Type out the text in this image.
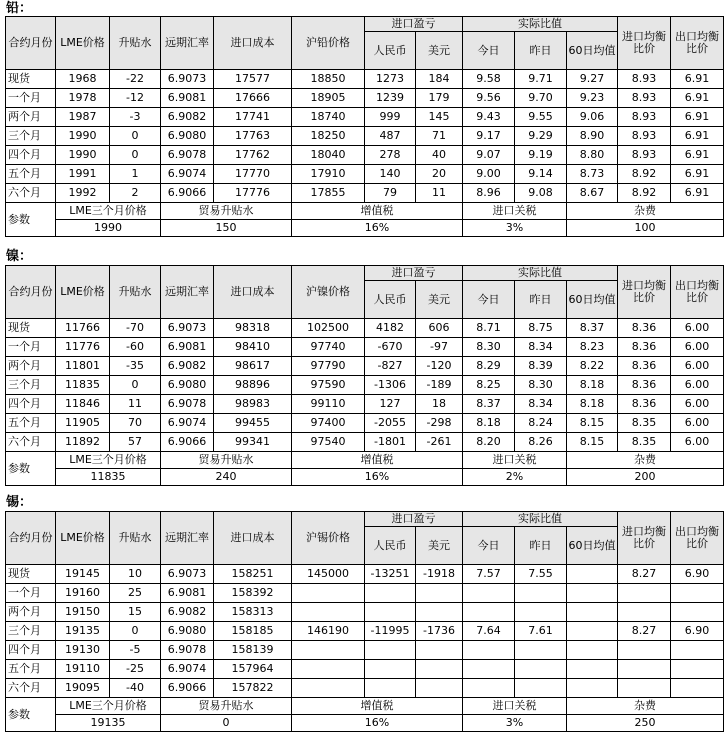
铅：
合约月份	LME价格	升贴水	远期汇率	进口成本	沪铅价格	进口盈亏		实际比值			进口均衡比价	出口均衡比价
						人民币	美元	今日	昨日	60日均值		
现货	1968	-22	6.9073	17577	18850	1273	184	9.58	9.71	9.27	8.93	6.91
一个月	1978	-12	6.9081	17666	18905	1239	179	9.56	9.70	9.23	8.93	6.91
两个月	1987	-3	6.9082	17741	18740	999	145	9.43	9.55	9.06	8.93	6.91
三个月	1990	0	6.9080	17763	18250	487	71	9.17	9.29	8.90	8.93	6.91
四个月	1990	0	6.9078	17762	18040	278	40	9.07	9.19	8.80	8.93	6.91
五个月	1991	1	6.9074	17770	17910	140	20	9.00	9.14	8.73	8.92	6.91
六个月	1992	2	6.9066	17776	17855	79	11	8.96	9.08	8.67	8.92	6.91
参数	LME三个月价格		贸易升贴水		增值税			进口关税		杂费		
	1990		150		16%			3%		100		
镍：
合约月份	LME价格	升贴水	远期汇率	进口成本	沪镍价格	进口盈亏		实际比值			进口均衡比价	出口均衡比价
						人民币	美元	今日	昨日	60日均值		
现货	11766	-70	6.9073	98318	102500	4182	606	8.71	8.75	8.37	8.36	6.00
一个月	11776	-60	6.9081	98410	97740	-670	-97	8.30	8.34	8.23	8.36	6.00
两个月	11801	-35	6.9082	98617	97790	-827	-120	8.29	8.39	8.22	8.36	6.00
三个月	11835	0	6.9080	98896	97590	-1306	-189	8.25	8.30	8.18	8.36	6.00
四个月	11846	11	6.9078	98983	99110	127	18	8.37	8.34	8.18	8.36	6.00
五个月	11905	70	6.9074	99455	97400	-2055	-298	8.18	8.24	8.15	8.35	6.00
六个月	11892	57	6.9066	99341	97540	-1801	-261	8.20	8.26	8.15	8.35	6.00
参数	LME三个月价格		贸易升贴水		增值税			进口关税		杂费		
	11835		240		16%			2%		200		
锡：
合约月份	LME价格	升贴水	远期汇率	进口成本	沪锡价格	进口盈亏		实际比值			进口均衡比价	出口均衡比价
						人民币	美元	今日	昨日	60日均值		
现货	19145	10	6.9073	158251	145000	-13251	-1918	7.57	7.55		8.27	6.90
一个月	19160	25	6.9081	158392								
两个月	19150	15	6.9082	158313								
三个月	19135	0	6.9080	158185	146190	-11995	-1736	7.64	7.61		8.27	6.90
四个月	19130	-5	6.9078	158139								
五个月	19110	-25	6.9074	157964								
六个月	19095	-40	6.9066	157822								
参数	LME三个月价格		贸易升贴水		增值税			进口关税		杂费		
	19135		0		16%			3%		250		
